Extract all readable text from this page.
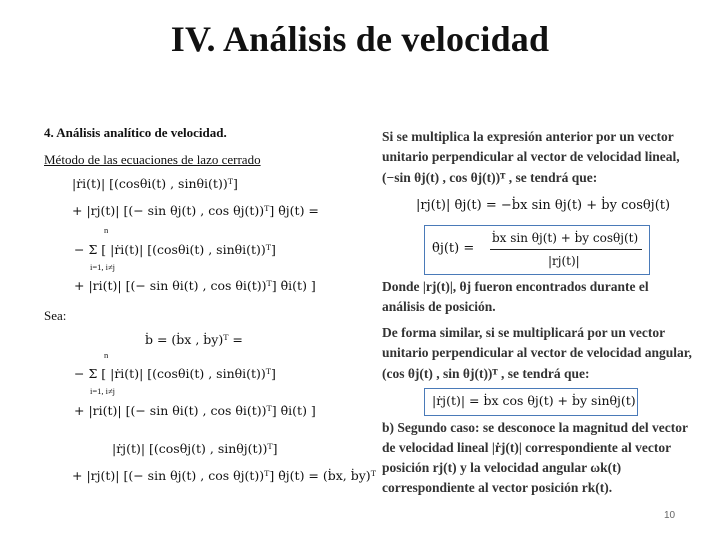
IV. Análisis de velocidad
4. Análisis analítico de velocidad.
Método de las ecuaciones de lazo cerrado
|ṙi(t)| [(cosθi(t) , sinθi(t))ᵀ]
+ |rj(t)| [(− sin θj(t) , cos θj(t))ᵀ] θ̇j(t) =
n
− Σ [ |ṙi(t)| [(cosθi(t) , sinθi(t))ᵀ]
i=1, i≠j
+ |ri(t)| [(− sin θi(t) , cos θi(t))ᵀ] θ̇i(t) ]
Sea:
ḃ = (ḃx , ḃy)ᵀ =
n
− Σ [ |ṙi(t)| [(cosθi(t) , sinθi(t))ᵀ]
i=1, i≠j
+ |ri(t)| [(− sin θi(t) , cos θi(t))ᵀ] θ̇i(t) ]
|ṙj(t)| [(cosθj(t) , sinθj(t))ᵀ]
+ |rj(t)| [(− sin θj(t) , cos θj(t))ᵀ] θ̇j(t) = (ḃx, ḃy)ᵀ
Si se multiplica la expresión anterior por un vector
unitario perpendicular al vector de velocidad lineal,
(−sin θj(t) , cos θj(t))ᵀ , se tendrá que:
|rj(t)| θ̇j(t) = −ḃx sin θj(t) + ḃy cosθj(t)
θ̇j(t) =
ḃx sin θj(t) + ḃy cosθj(t)
|rj(t)|
Donde |rj(t)|, θj fueron encontrados durante el
análisis de posición.
De forma similar, si se multiplicará por un vector
unitario perpendicular al vector de velocidad angular,
(cos θj(t) , sin θj(t))ᵀ , se tendrá que:
|ṙj(t)| = ḃx cos θj(t) + ḃy sinθj(t)
b) Segundo caso: se desconoce la magnitud del vector
de velocidad lineal |ṙj(t)| correspondiente al vector
posición rj(t) y la velocidad angular ωk(t)
correspondiente al vector posición rk(t).
10
